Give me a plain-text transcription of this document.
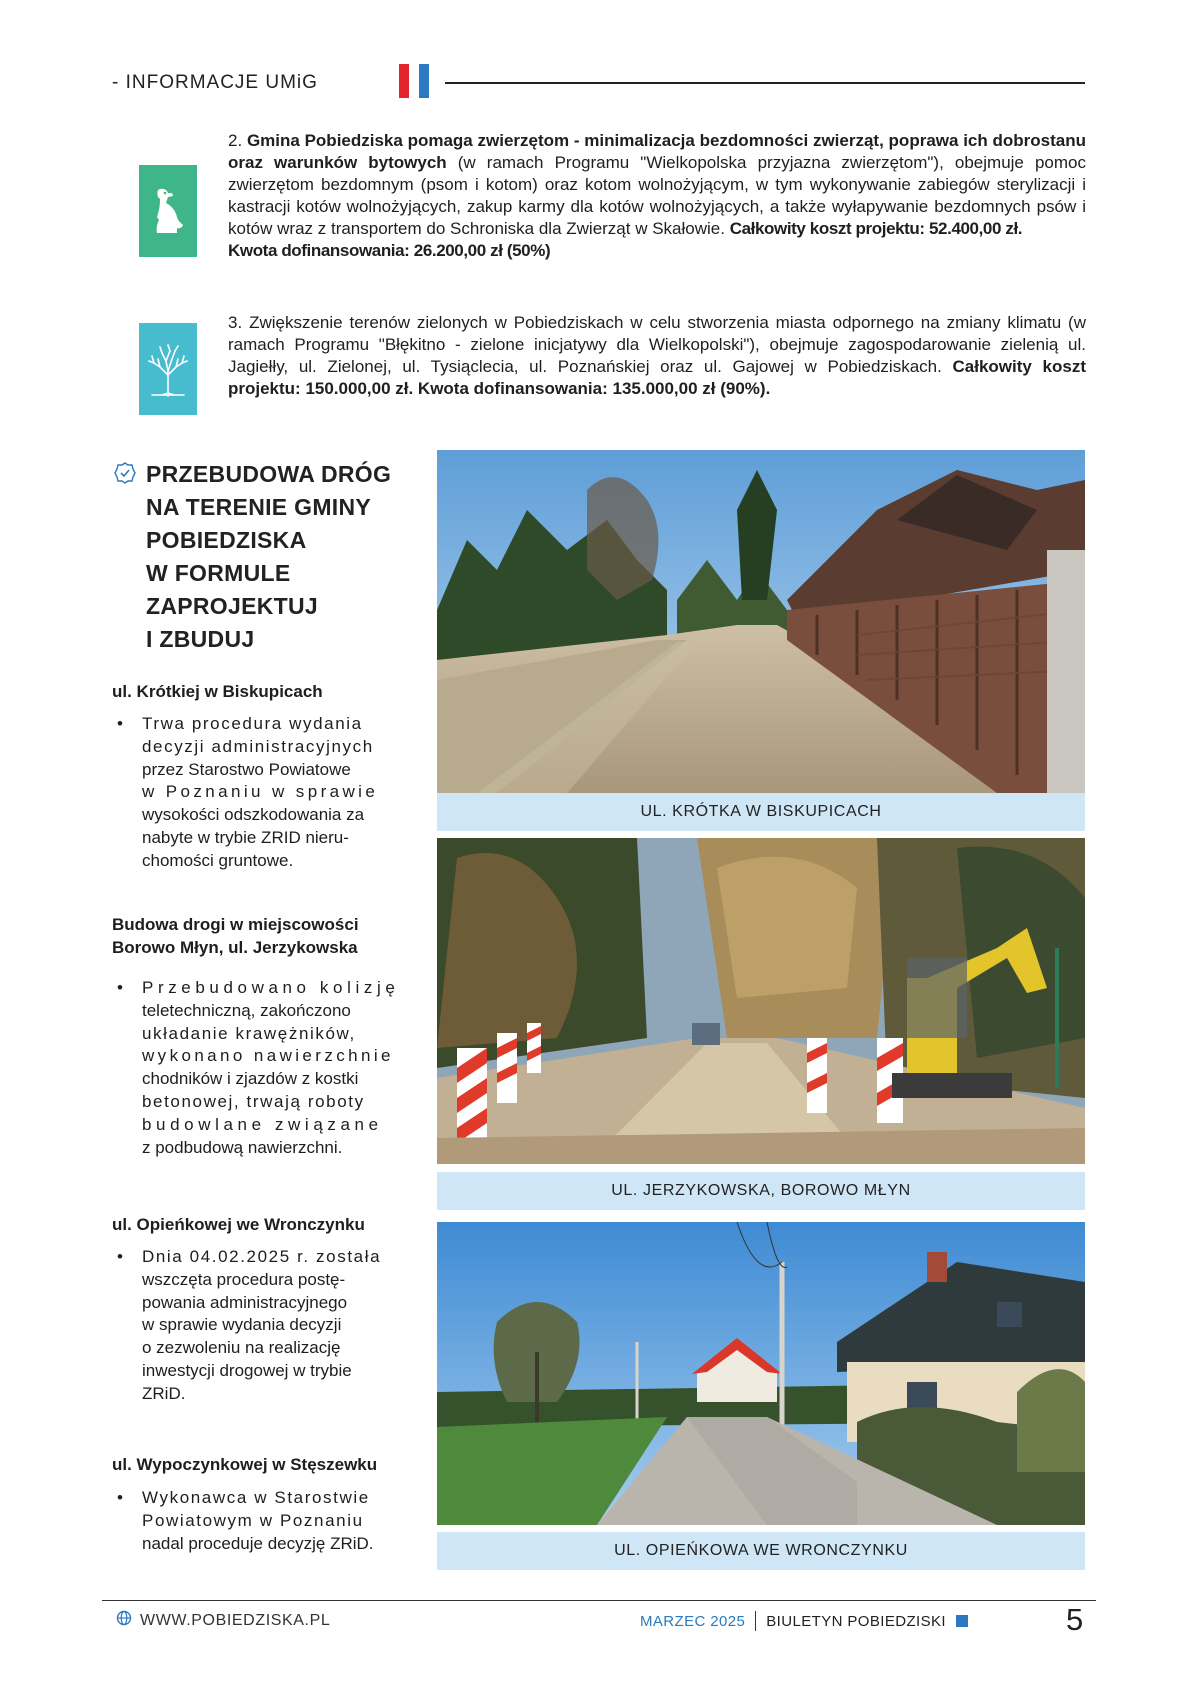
- INFORMACJE UMiG
2. Gmina Pobiedziska pomaga zwierzętom - minimalizacja bezdomności zwierząt, poprawa ich dobrostanu oraz warunków bytowych (w ramach Programu "Wielkopolska przyjazna zwierzętom"), obejmuje pomoc zwierzętom bezdomnym (psom i kotom) oraz kotom wolnożyjącym, w tym wykonywanie zabiegów sterylizacji i kastracji kotów wolnożyjących, zakup karmy dla kotów wolnożyjących, a także wyłapywanie bezdomnych psów i kotów wraz z transportem do Schroniska dla Zwierząt w Skałowie. Całkowity koszt projektu: 52.400,00 zł.
Kwota dofinansowania: 26.200,00 zł (50%)
3. Zwiększenie terenów zielonych w Pobiedziskach w celu stworzenia miasta odpornego na zmiany klimatu (w ramach Programu "Błękitno - zielone inicjatywy dla Wielkopolski"), obejmuje zagospodarowanie zielenią ul. Jagiełły, ul. Zielonej, ul. Tysiąclecia, ul. Poznańskiej oraz ul. Gajowej w Pobiedziskach. Całkowity koszt projektu: 150.000,00 zł. Kwota dofinansowania: 135.000,00 zł (90%).
PRZEBUDOWA DRÓG
NA TERENIE GMINY
POBIEDZISKA
W FORMULE
ZAPROJEKTUJ
I ZBUDUJ
ul. Krótkiej w Biskupicach
• Trwa procedura wydania
decyzji administracyjnych
przez Starostwo Powiatowe
w Poznaniu w sprawie
wysokości odszkodowania za
nabyte w trybie ZRID nieru-
chomości gruntowe.
Budowa drogi w miejscowości
Borowo Młyn, ul. Jerzykowska
• Przebudowano kolizję
teletechniczną, zakończono
układanie krawężników,
wykonano nawierzchnie
chodników i zjazdów z kostki
betonowej, trwają roboty
budowlane związane
z podbudową nawierzchni.
ul. Opieńkowej we Wronczynku
• Dnia 04.02.2025 r. została
wszczęta procedura postę-
powania administracyjnego
w sprawie wydania decyzji
o zezwoleniu na realizację
inwestycji drogowej w trybie
ZRiD.
ul. Wypoczynkowej w Stęszewku
• Wykonawca w Starostwie
Powiatowym w Poznaniu
nadal proceduje decyzję ZRiD.
UL. KRÓTKA W BISKUPICACH
UL. JERZYKOWSKA, BOROWO MŁYN
UL. OPIEŃKOWA WE WRONCZYNKU
WWW.POBIEDZISKA.PL	MARZEC 2025 BIULETYN POBIEDZISKI	5
